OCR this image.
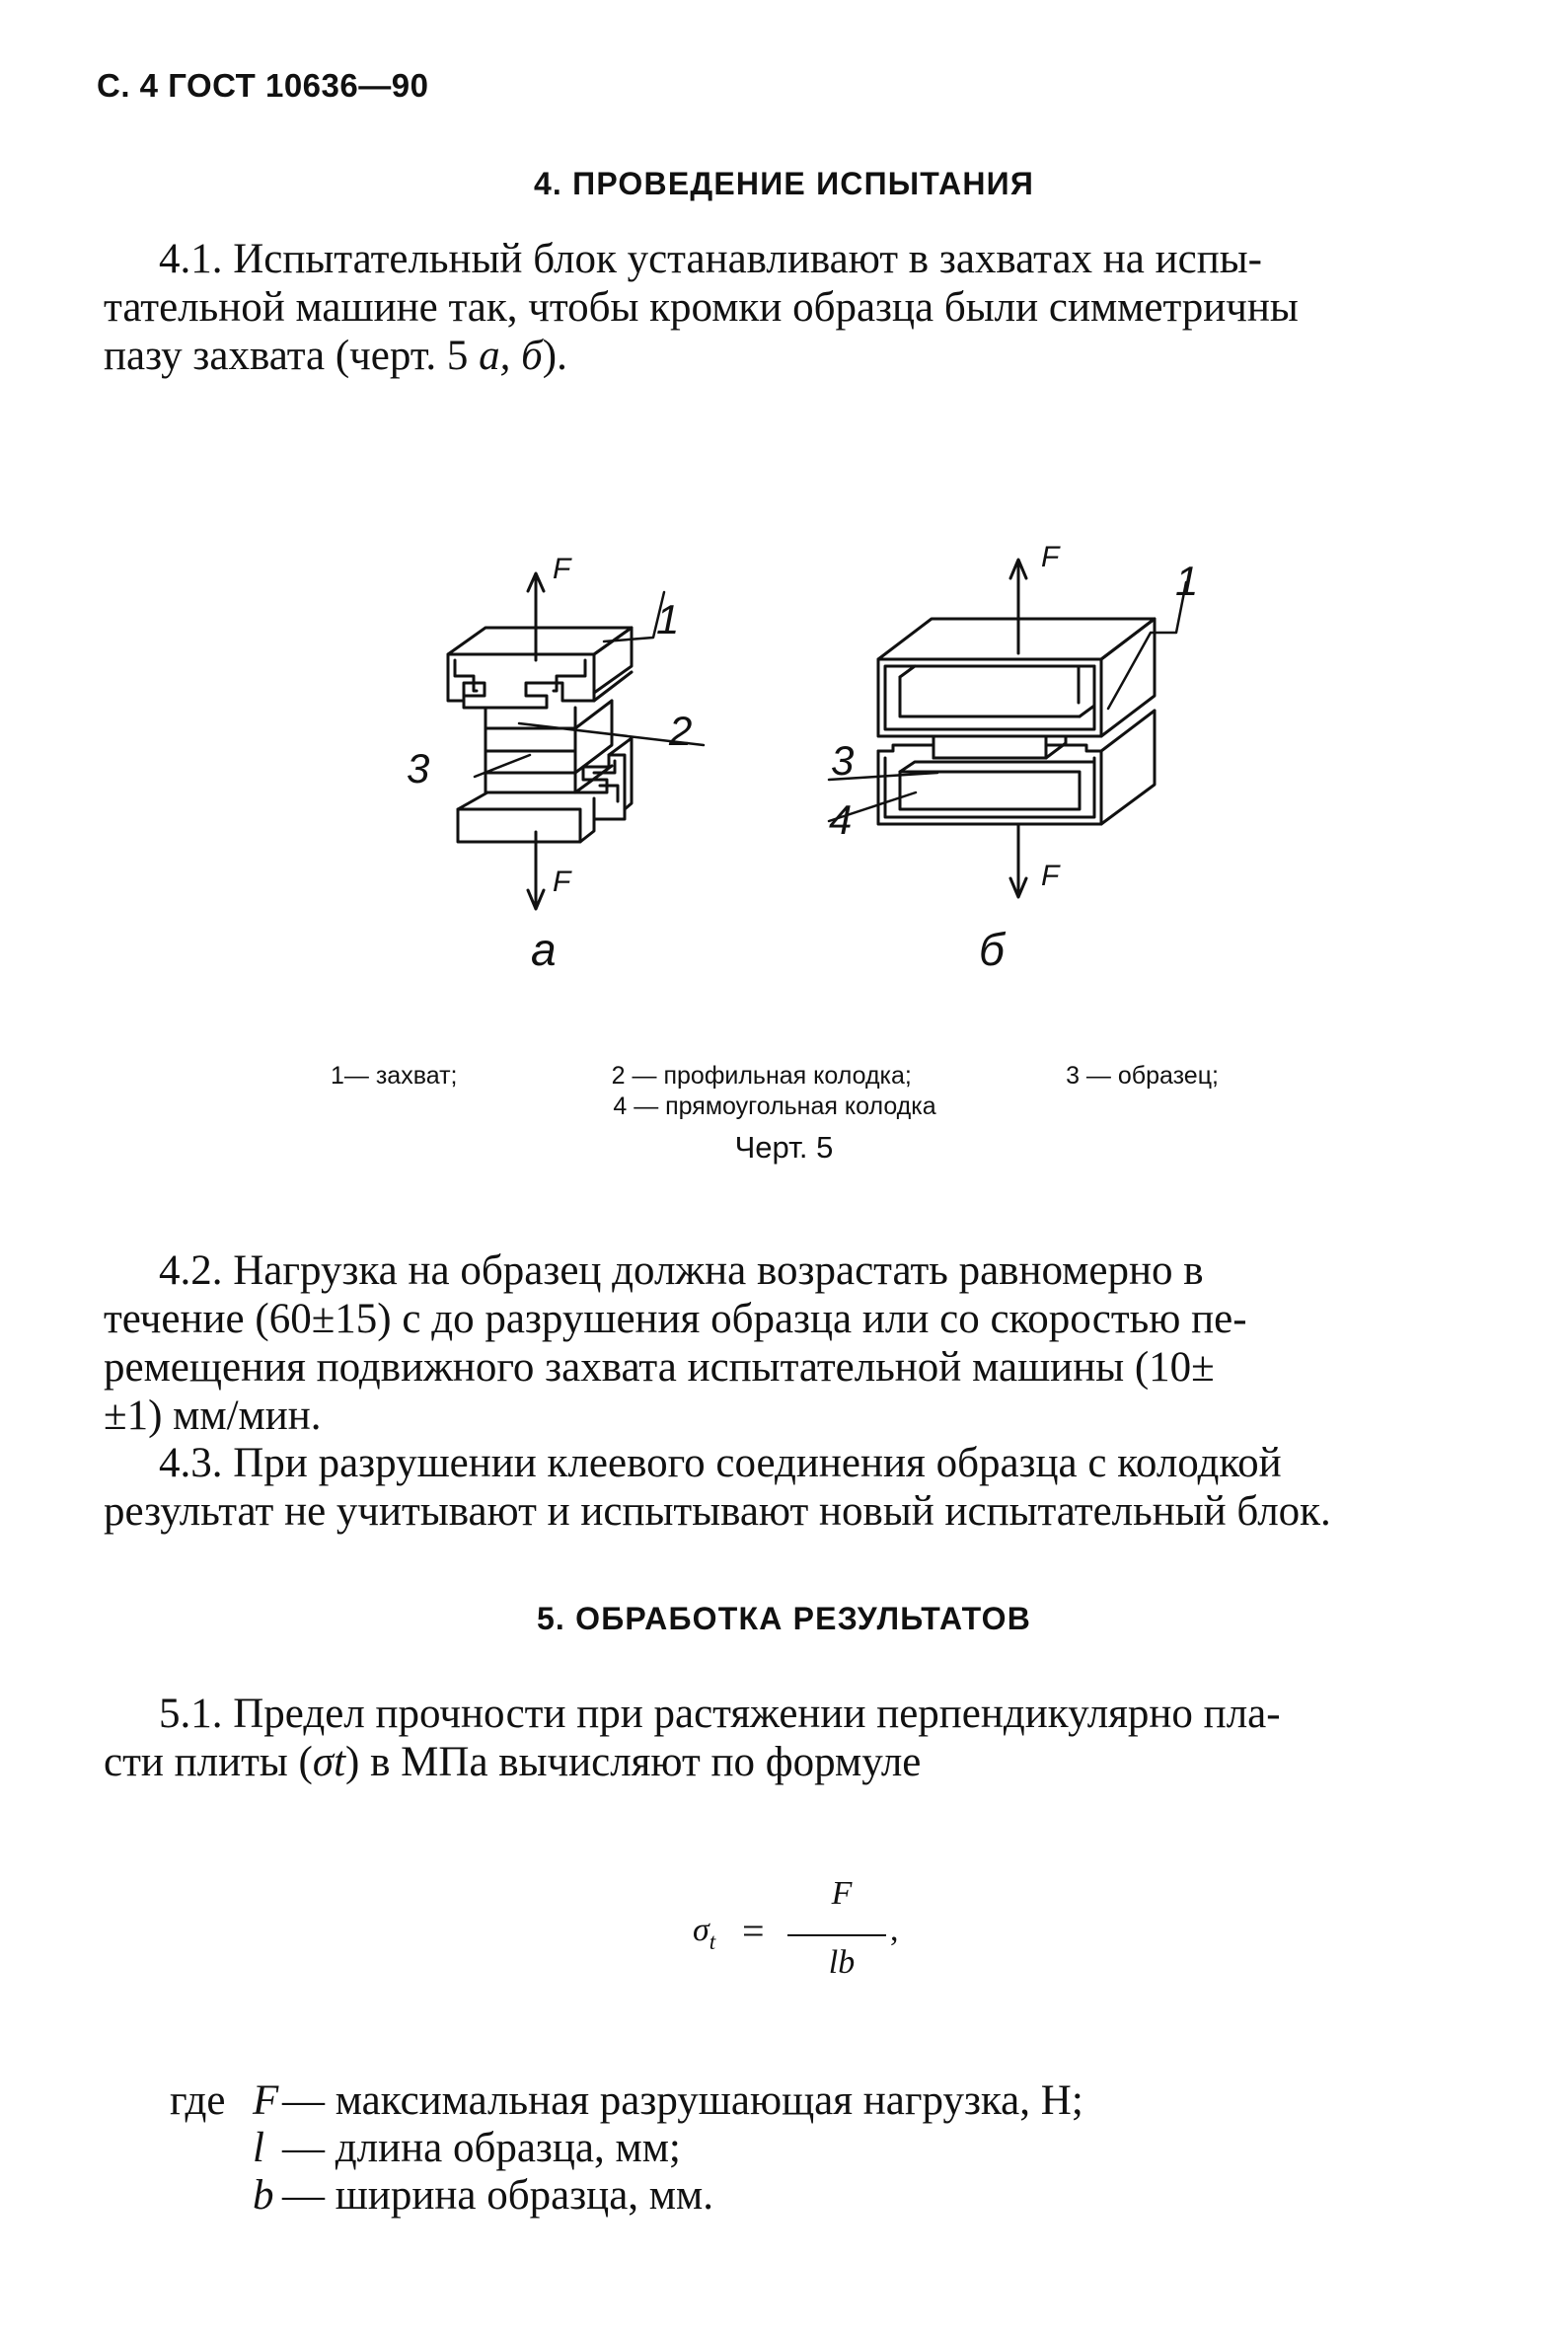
С. 4 ГОСТ 10636—90
4. ПРОВЕДЕНИЕ ИСПЫТАНИЯ
4.1. Испытательный блок устанавливают в захватах на испы-
тательной машине так, чтобы кромки образца были симметричны
пазу захвата (черт. 5 а, б).
F
F
F
F
1
2
3
1
3
4
а	б
1— захват;	2 — профильная колодка;	3 — образец;
4 — прямоугольная колодка
Черт. 5
4.2. Нагрузка на образец должна возрастать равномерно в
течение (60±15) с до разрушения образца или со скоростью пе-
ремещения подвижного захвата испытательной машины (10±
±1) мм/мин.
4.3. При разрушении клеевого соединения образца с колодкой
результат не учитывают и испытывают новый испытательный блок.
5. ОБРАБОТКА РЕЗУЛЬТАТОВ
5.1. Предел прочности при растяжении перпендикулярно пла-
сти плиты (σt) в МПа вычисляют по формуле
$\sigma_t$ =
F
lb
,
где F — максимальная разрушающая нагрузка, Н;
l — длина образца, мм;
b — ширина образца, мм.
